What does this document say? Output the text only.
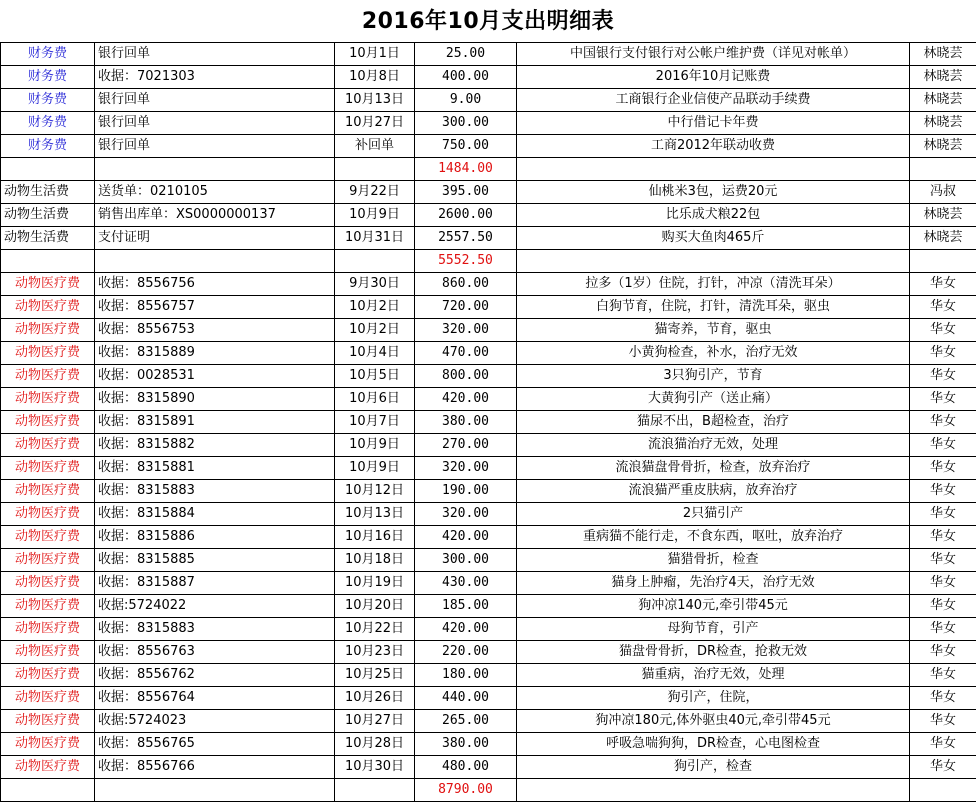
2016年10月支出明细表
财务费	银行回单	10月1日	25.00	中国银行支付银行对公帐户维护费（详见对帐单）	林晓芸
财务费	收据：7021303	10月8日	400.00	2016年10月记账费	林晓芸
财务费	银行回单	10月13日	9.00	工商银行企业信使产品联动手续费	林晓芸
财务费	银行回单	10月27日	300.00	中行借记卡年费	林晓芸
财务费	银行回单	补回单	750.00	工商2012年联动收费	林晓芸
			1484.00		
动物生活费	送货单：0210105	9月22日	395.00	仙桃米3包，运费20元	冯叔
动物生活费	销售出库单：XS0000000137	10月9日	2600.00	比乐成犬粮22包	林晓芸
动物生活费	支付证明	10月31日	2557.50	购买大鱼肉465斤	林晓芸
			5552.50		
动物医疗费	收据：8556756	9月30日	860.00	拉多（1岁）住院，打针，冲凉（清洗耳朵）	华女
动物医疗费	收据：8556757	10月2日	720.00	白狗节育，住院，打针，清洗耳朵，驱虫	华女
动物医疗费	收据：8556753	10月2日	320.00	猫寄养，节育，驱虫	华女
动物医疗费	收据：8315889	10月4日	470.00	小黄狗检查，补水，治疗无效	华女
动物医疗费	收据：0028531	10月5日	800.00	3只狗引产，节育	华女
动物医疗费	收据：8315890	10月6日	420.00	大黄狗引产（送止痛）	华女
动物医疗费	收据：8315891	10月7日	380.00	猫尿不出，B超检查，治疗	华女
动物医疗费	收据：8315882	10月9日	270.00	流浪猫治疗无效，处理	华女
动物医疗费	收据：8315881	10月9日	320.00	流浪猫盘骨骨折，检查，放弃治疗	华女
动物医疗费	收据：8315883	10月12日	190.00	流浪猫严重皮肤病，放弃治疗	华女
动物医疗费	收据：8315884	10月13日	320.00	2只猫引产	华女
动物医疗费	收据：8315886	10月16日	420.00	重病猫不能行走，不食东西，呕吐，放弃治疗	华女
动物医疗费	收据：8315885	10月18日	300.00	猫猎骨折，检查	华女
动物医疗费	收据：8315887	10月19日	430.00	猫身上肿瘤，先治疗4天，治疗无效	华女
动物医疗费	收据:5724022	10月20日	185.00	狗冲凉140元,牵引带45元	华女
动物医疗费	收据：8315883	10月22日	420.00	母狗节育，引产	华女
动物医疗费	收据：8556763	10月23日	220.00	猫盘骨骨折，DR检查，抢救无效	华女
动物医疗费	收据：8556762	10月25日	180.00	猫重病，治疗无效，处理	华女
动物医疗费	收据：8556764	10月26日	440.00	狗引产，住院，	华女
动物医疗费	收据:5724023	10月27日	265.00	狗冲凉180元,体外驱虫40元,牵引带45元	华女
动物医疗费	收据：8556765	10月28日	380.00	呼吸急喘狗狗，DR检查，心电图检查	华女
动物医疗费	收据：8556766	10月30日	480.00	狗引产，检查	华女
			8790.00		
